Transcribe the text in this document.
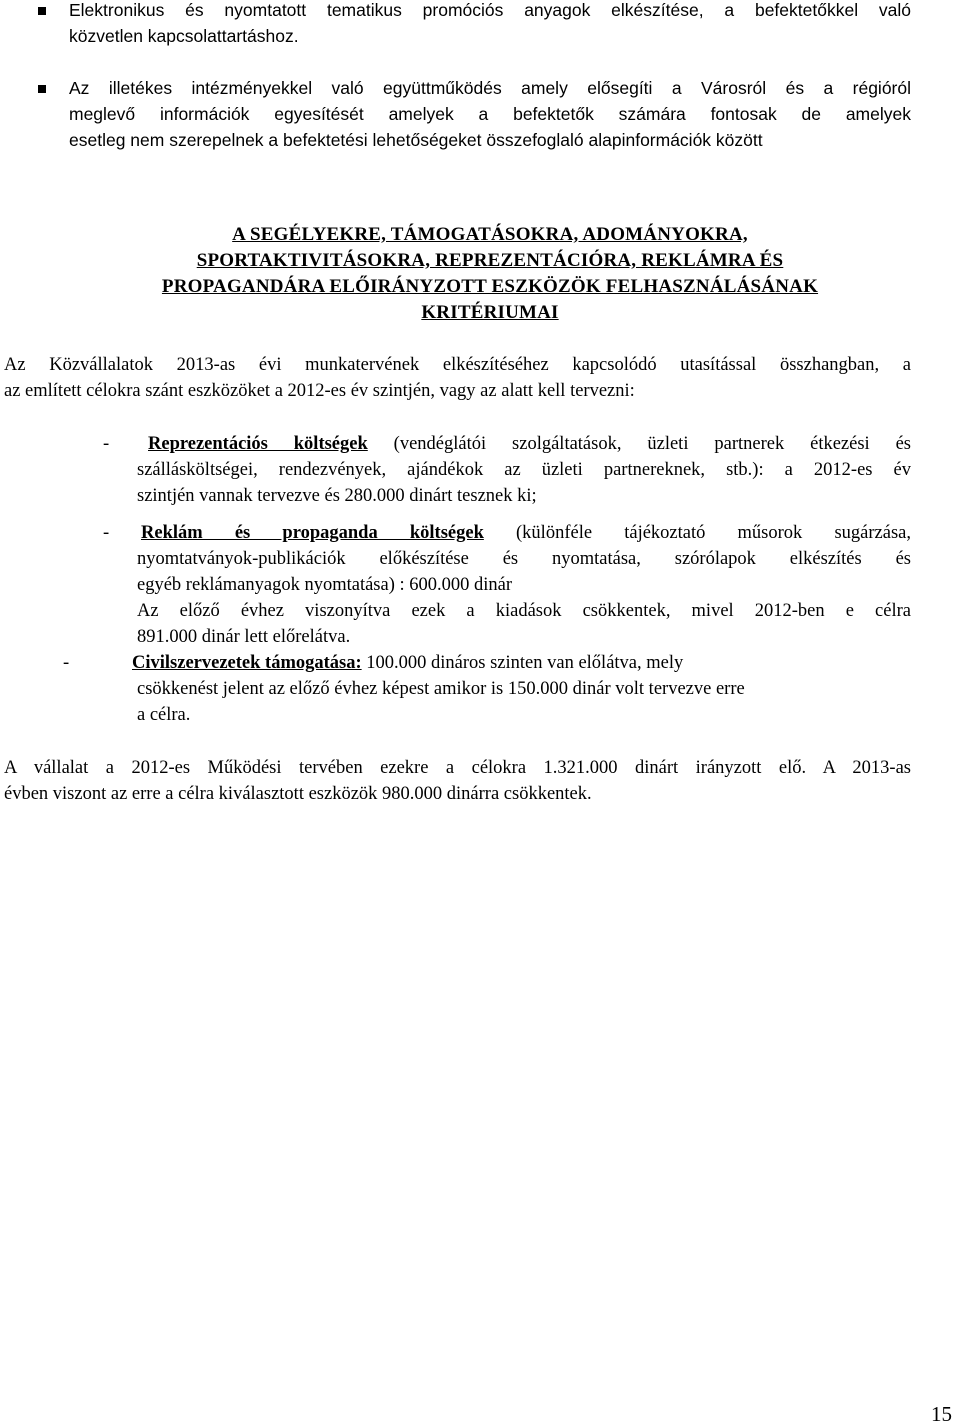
Elektronikus és nyomtatott tematikus promóciós anyagok elkészítése, a befektetőkkel való
közvetlen kapcsolattartáshoz.
Az illetékes intézményekkel való együttműködés amely elősegíti a Városról és a régióról
meglevő információk egyesítését amelyek a befektetők számára fontosak de amelyek
esetleg nem szerepelnek a befektetési lehetőségeket összefoglaló alapinformációk között
A SEGÉLYEKRE, TÁMOGATÁSOKRA, ADOMÁNYOKRA,
SPORTAKTIVITÁSOKRA, REPREZENTÁCIÓRA, REKLÁMRA ÉS
PROPAGANDÁRA ELŐIRÁNYZOTT ESZKÖZÖK FELHASZNÁLÁSÁNAK
KRITÉRIUMAI
Az Közvállalatok 2013-as évi munkatervének elkészítéséhez kapcsolódó utasítással összhangban, a
az említett célokra szánt eszközöket a 2012-es év szintjén, vagy az alatt kell tervezni:
- Reprezentációs költségek (vendéglátói szolgáltatások, üzleti partnerek étkezési és
szállásköltségei, rendezvények, ajándékok az üzleti partnereknek, stb.): a 2012-es év
szintjén vannak tervezve és 280.000 dinárt tesznek ki;
- Reklám és propaganda költségek (különféle tájékoztató műsorok sugárzása,
nyomtatványok-publikációk előkészítése és nyomtatása, szórólapok elkészítés és
egyéb reklámanyagok nyomtatása) : 600.000 dinár
Az előző évhez viszonyítva ezek a kiadások csökkentek, mivel 2012-ben e célra
891.000 dinár lett előrelátva.
-	Civilszervezetek támogatása: 100.000 dináros szinten van előlátva, mely
csökkenést jelent az előző évhez képest amikor is 150.000 dinár volt tervezve erre
a célra.
A vállalat a 2012-es Működési tervében ezekre a célokra 1.321.000 dinárt irányzott elő. A 2013-as
évben viszont az erre a célra kiválasztott eszközök 980.000 dinárra csökkentek.
15
